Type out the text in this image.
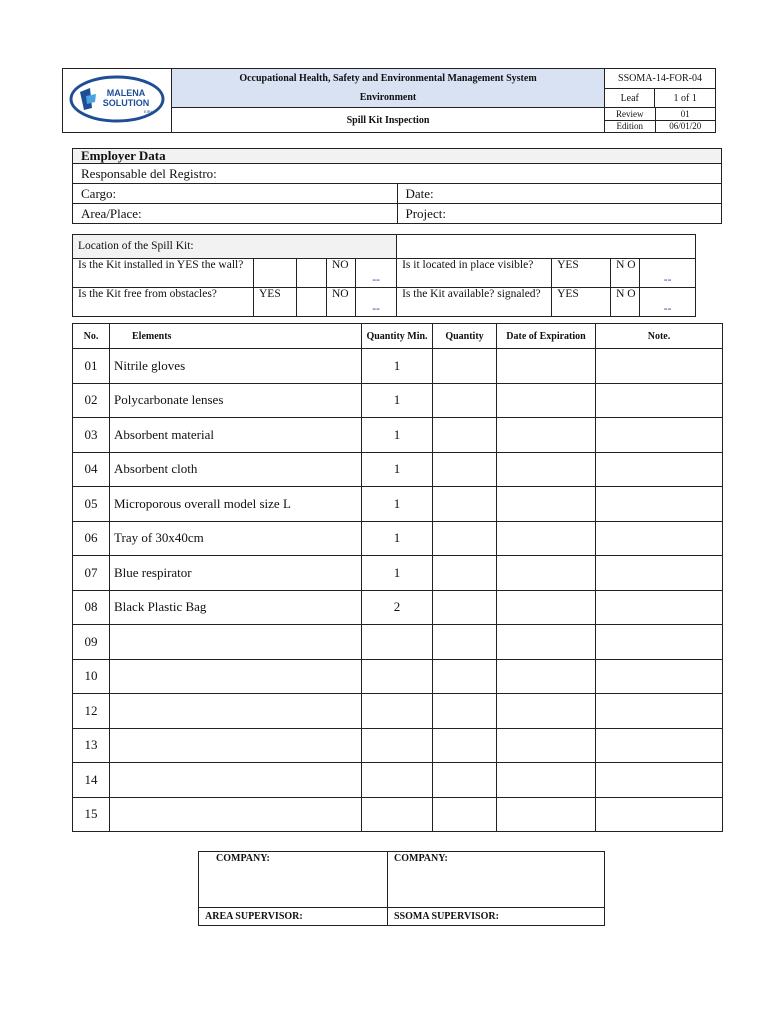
MALENA
SOLUTION
EIRL

Occupational Health, Safety and Environmental Management System
Environment
	SSOMA-14-FOR-04
Leaf	1 of 1
Spill Kit Inspection	
Review	01
Edition	06/01/20
Employer Data	
Responsable del Registro:	
Cargo:	Date:
Area/Place:	Project:
Location of the Spill Kit:								
Is the Kit installed in YES the wall?			NO	--	Is it located in place visible?	YES	N O	--
Is the Kit free from obstacles?	YES		NO	--	Is the Kit available? signaled?	YES	N O	--
No.	Elements	Quantity Min.	Quantity	Date of Expiration	Note.
01	Nitrile gloves	1			
02	Polycarbonate lenses	1			
03	Absorbent material	1			
04	Absorbent cloth	1			
05	Microporous overall model size L	1			
06	Tray of 30x40cm	1			
07	Blue respirator	1			
08	Black Plastic Bag	2			
09					
10					
12					
13					
14					
15					
COMPANY:	COMPANY:
AREA SUPERVISOR:	SSOMA SUPERVISOR:
